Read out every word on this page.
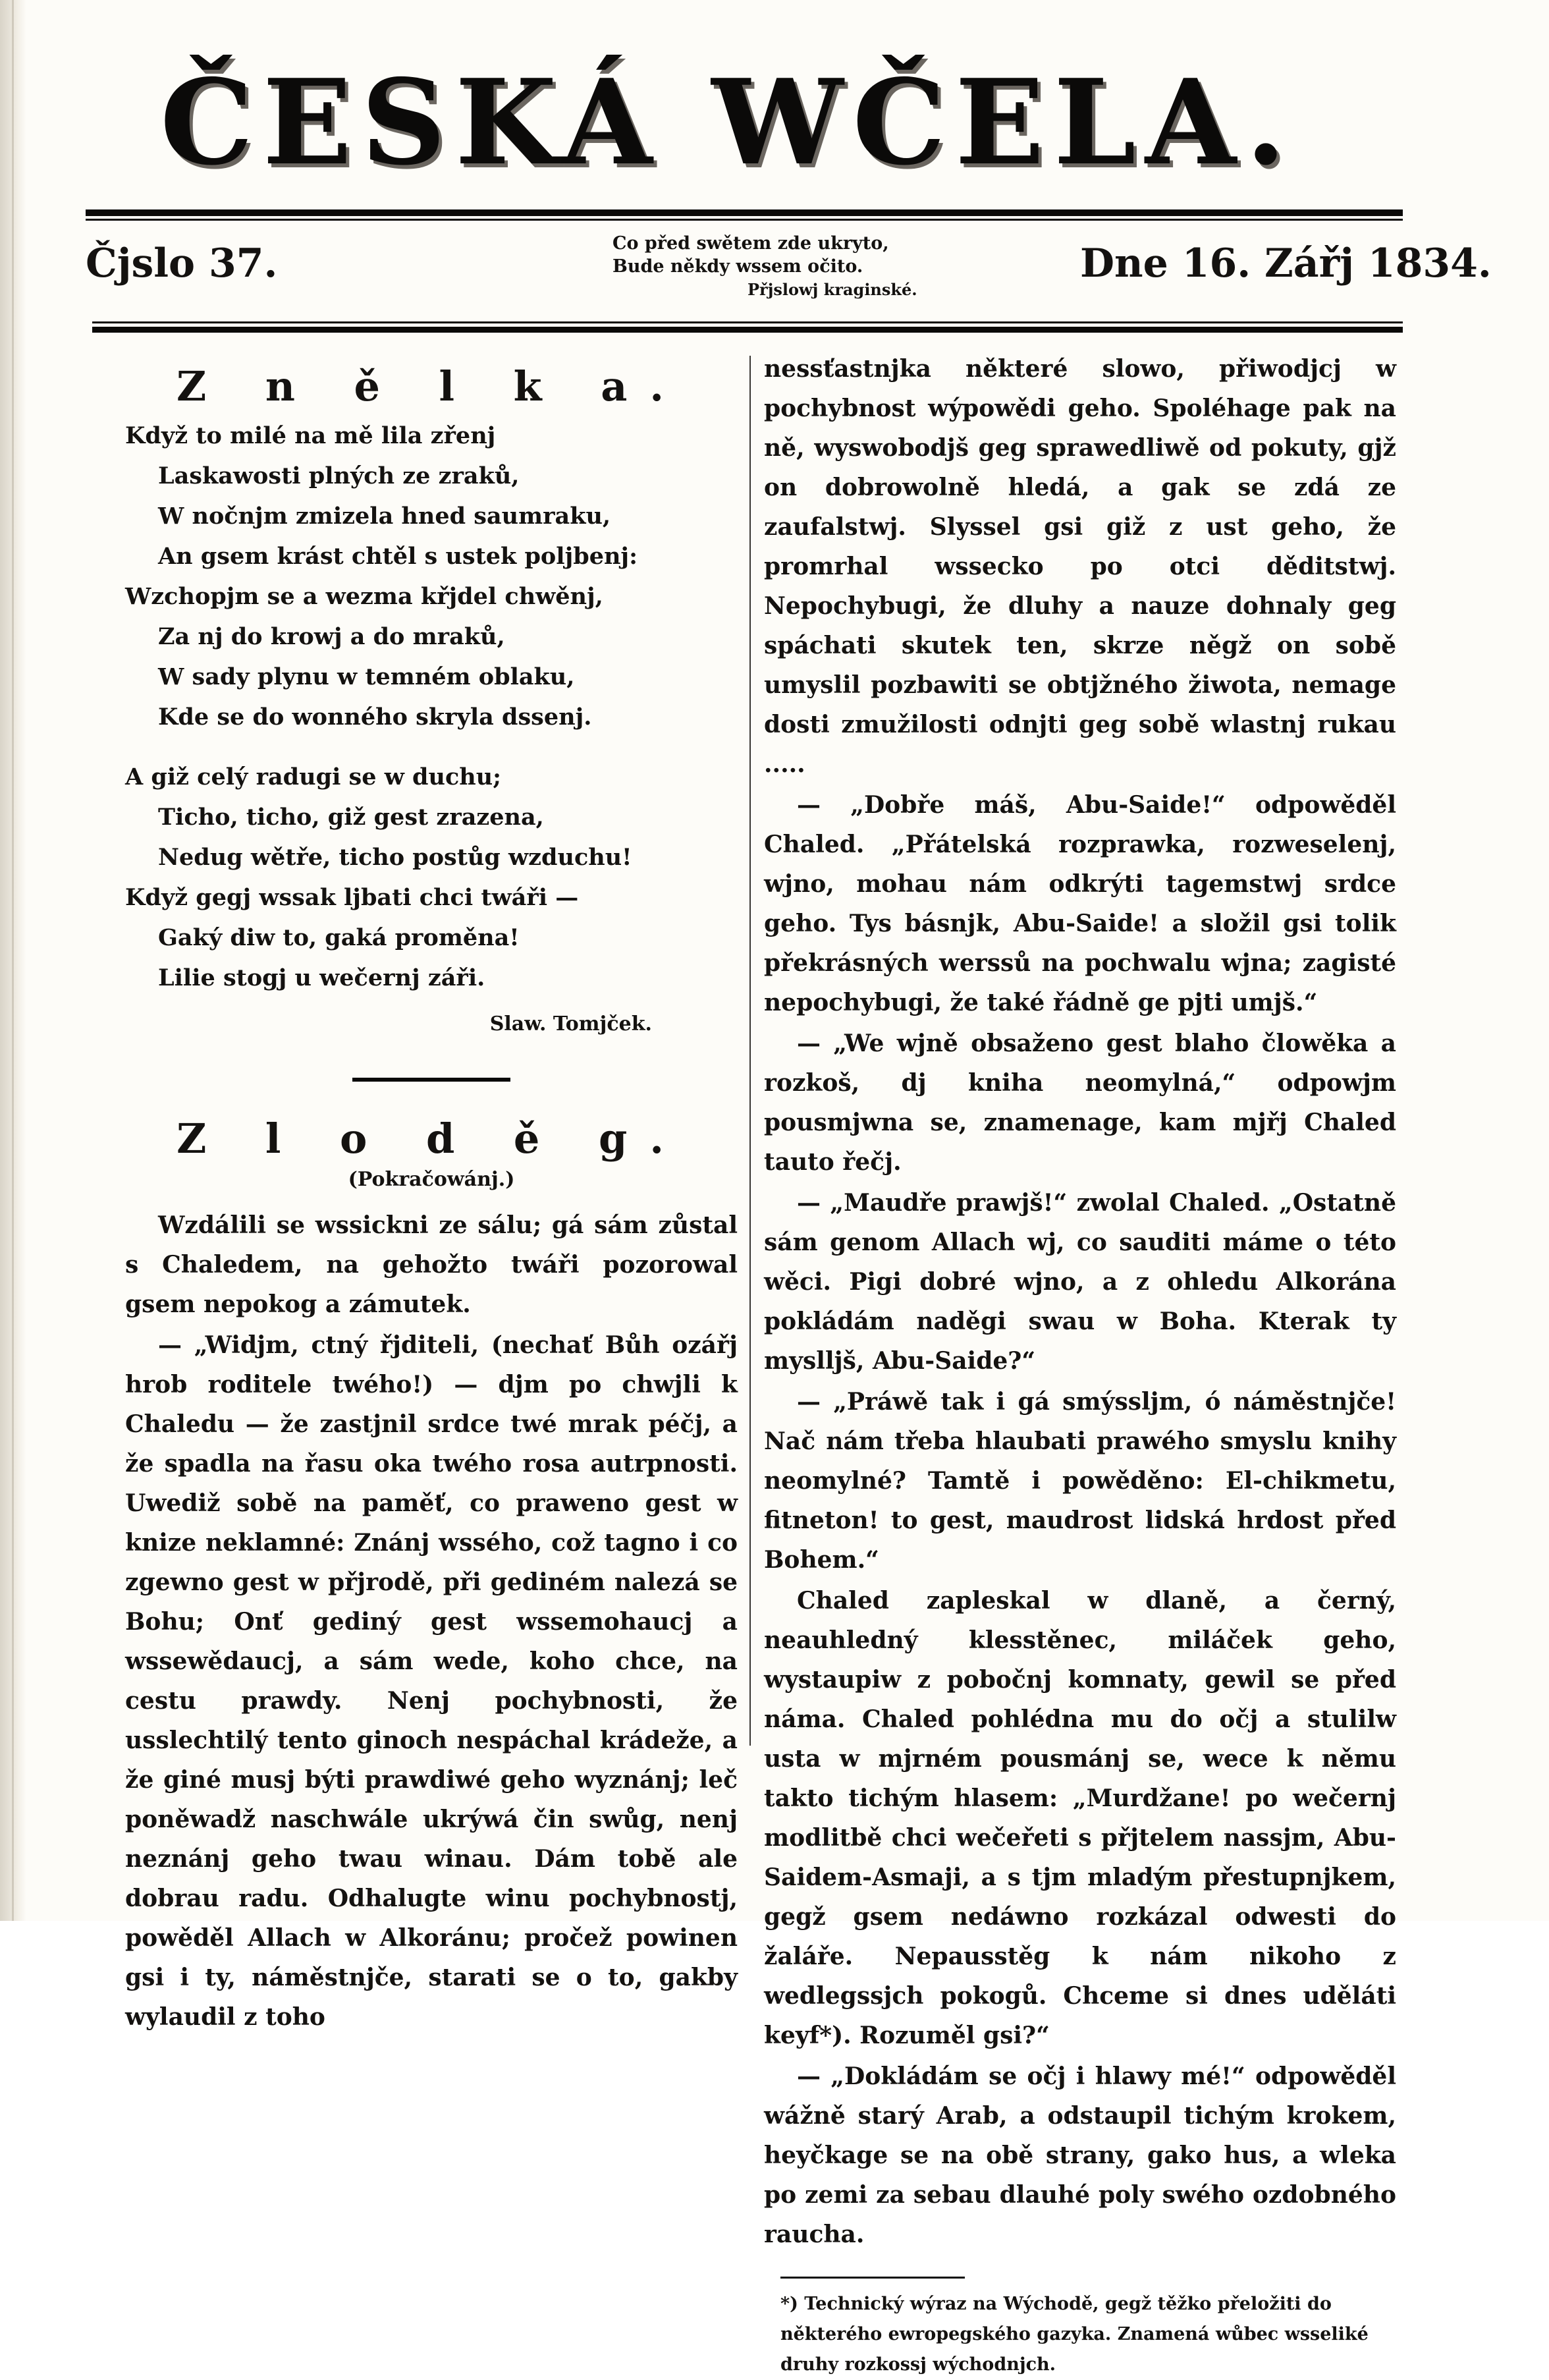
ČESKÁ WČELA.
Čjslo 37.	Co před swětem zde ukryto,
Bude někdy wssem očito.
Přjslowj kraginské.
Dne 16. Zářj 1834.
Z n ě l k a.
Když to milé na mě lila zřenj
Laskawosti plných ze zraků,
W nočnjm zmizela hned saumraku,
An gsem krást chtěl s ustek poljbenj:
Wzchopjm se a wezma křjdel chwěnj,
Za nj do krowj a do mraků,
W sady plynu w temném oblaku,
Kde se do wonného skryla dssenj.
A giž celý radugi se w duchu;
Ticho, ticho, giž gest zrazena,
Nedug wětře, ticho postůg wzduchu!
Když gegj wssak ljbati chci twáři —
Gaký diw to, gaká proměna!
Lilie stogj u wečernj záři.
Slaw. Tomjček.
Z l o d ě g.
(Pokračowánj.)

Wzdálili se wssickni ze sálu; gá sám zůstal s Chaledem, na gehožto twáři pozorowal gsem nepokog a zámutek.

— „Widjm, ctný řjditeli, (nechať Bůh ozářj hrob roditele twého!) — djm po chwjli k Chaledu — že zastjnil srdce twé mrak péčj, a že spadla na řasu oka twého rosa autrpnosti. Uwediž sobě na paměť, co praweno gest w knize neklamné: Znánj wssého, což tagno i co zgewno gest w přjrodě, při gediném nalezá se Bohu; Onť gediný gest wssemohaucj a wssewědaucj, a sám wede, koho chce, na cestu prawdy. Nenj pochybnosti, že usslechtilý tento ginoch nespáchal krádeže, a že giné musj býti prawdiwé geho wyznánj; leč poněwadž naschwále ukrýwá čin swůg, nenj neznánj geho twau winau. Dám tobě ale dobrau radu. Odhalugte winu pochybnostj, powěděl Allach w Alkoránu; pročež powinen gsi i ty, náměstnjče, starati se o to, gakby wylaudil z toho

nessťastnjka některé slowo, přiwodjcj w pochybnost wýpowědi geho. Spoléhage pak na ně, wyswobodjš geg sprawedliwě od pokuty, gjž on dobrowolně hledá, a gak se zdá ze zaufalstwj. Slyssel gsi giž z ust geho, že promrhal wssecko po otci děditstwj. Nepochybugi, že dluhy a nauze dohnaly geg spáchati skutek ten, skrze něgž on sobě umyslil pozbawiti se obtjžného žiwota, nemage dosti zmužilosti odnjti geg sobě wlastnj rukau .....

— „Dobře máš, Abu-Saide!“ odpowěděl Chaled. „Přátelská rozprawka, rozweselenj, wjno, mohau nám odkrýti tagemstwj srdce geho. Tys básnjk, Abu-Saide! a složil gsi tolik překrásných werssů na pochwalu wjna; zagisté nepochybugi, že také řádně ge pjti umjš.“

— „We wjně obsaženo gest blaho člowěka a rozkoš, dj kniha neomylná,“ odpowjm pousmjwna se, znamenage, kam mjřj Chaled tauto řečj.

— „Maudře prawjš!“ zwolal Chaled. „Ostatně sám genom Allach wj, co sauditi máme o této wěci. Pigi dobré wjno, a z ohledu Alkorána pokládám naděgi swau w Boha. Kterak ty myslljš, Abu-Saide?“

— „Práwě tak i gá smýssljm, ó náměstnjče! Nač nám třeba hlaubati prawého smyslu knihy neomylné? Tamtě i powěděno: El-chikmetu, fitneton! to gest, maudrost lidská hrdost před Bohem.“

Chaled zapleskal w dlaně, a černý, neauhledný klesstěnec, miláček geho, wystaupiw z pobočnj komnaty, gewil se před náma. Chaled pohlédna mu do očj a stulilw usta w mjrném pousmánj se, wece k němu takto tichým hlasem: „Murdžane! po wečernj modlitbě chci wečeřeti s přjtelem nassjm, Abu-Saidem-Asmaji, a s tjm mladým přestupnjkem, gegž gsem nedáwno rozkázal odwesti do žaláře. Nepausstěg k nám nikoho z wedlegssjch pokogů. Chceme si dnes uděláti keyf*). Rozuměl gsi?“

— „Dokládám se očj i hlawy mé!“ odpowěděl wážně starý Arab, a odstaupil tichým krokem, heyčkage se na obě strany, gako hus, a wleka po zemi za sebau dlauhé poly swého ozdobného raucha.

*) Technický wýraz na Wýchodě, gegž těžko přeložiti do některého ewropegského gazyka. Znamená wůbec wsseliké druhy rozkossj wýchodnjch.
